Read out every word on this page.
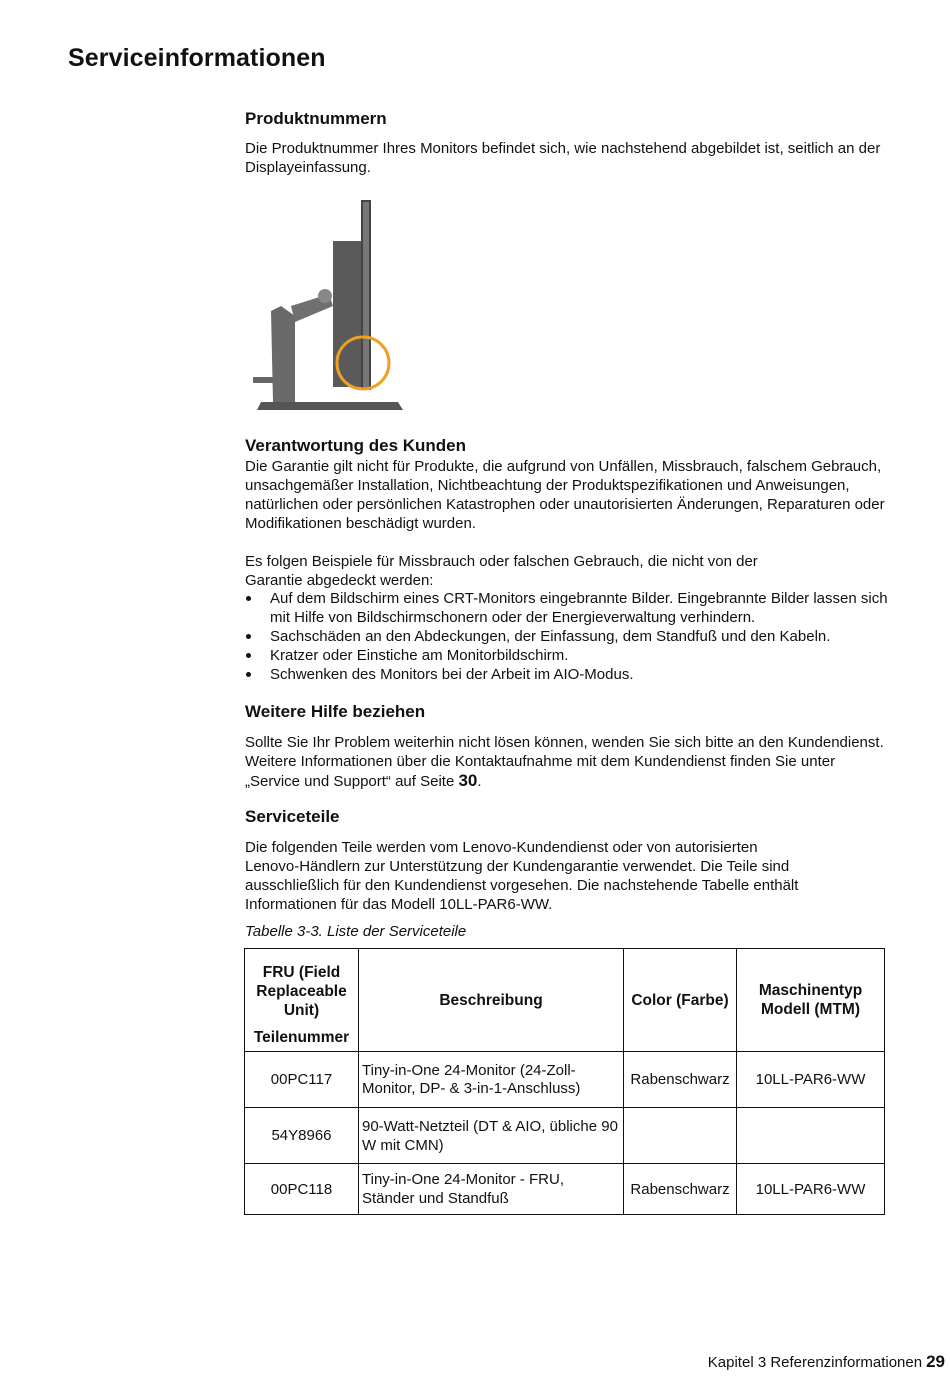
Serviceinformationen
Produktnummern

Die Produktnummer Ihres Monitors befindet sich, wie nachstehend abgebildet ist, seitlich an der Displayeinfassung.

Verantwortung des Kunden

Die Garantie gilt nicht für Produkte, die aufgrund von Unfällen, Missbrauch, falschem Gebrauch, unsachgemäßer Installation, Nichtbeachtung der Produktspezifikationen und Anweisungen, natürlichen oder persönlichen Katastrophen oder unautorisierten Änderungen, Reparaturen oder Modifikationen beschädigt wurden.

Es folgen Beispiele für Missbrauch oder falschen Gebrauch, die nicht von der Garantie abgedeckt werden:

Auf dem Bildschirm eines CRT-Monitors eingebrannte Bilder. Eingebrannte Bilder lassen sich mit Hilfe von Bildschirmschonern oder der Energieverwaltung verhindern.
Sachschäden an den Abdeckungen, der Einfassung, dem Standfuß und den Kabeln.
Kratzer oder Einstiche am Monitorbildschirm.
Schwenken des Monitors bei der Arbeit im AIO-Modus.
Weitere Hilfe beziehen

Sollte Sie Ihr Problem weiterhin nicht lösen können, wenden Sie sich bitte an den Kundendienst. Weitere Informationen über die Kontaktaufnahme mit dem Kundendienst finden Sie unter „Service und Support“ auf Seite 30.

Serviceteile

Die folgenden Teile werden vom Lenovo-Kundendienst oder von autorisierten Lenovo-Händlern zur Unterstützung der Kundengarantie verwendet. Die Teile sind ausschließlich für den Kundendienst vorgesehen. Die nachstehende Tabelle enthält Informationen für das Modell 10LL-PAR6-WW.

Tabelle 3-3. Liste der Serviceteile
FRU (Field Replaceable Unit)
Teilenummer	Beschreibung	Color (Farbe)	Maschinentyp Modell (MTM)
00PC117	Tiny-in-One 24-Monitor (24-Zoll-Monitor, DP- & 3-in-1-Anschluss)	Rabenschwarz	10LL-PAR6-WW
54Y8966	90-Watt-Netzteil (DT & AIO, übliche 90 W mit CMN)		
00PC118	Tiny-in-One 24-Monitor - FRU, Ständer und Standfuß	Rabenschwarz	10LL-PAR6-WW
Kapitel 3 Referenzinformationen 29
